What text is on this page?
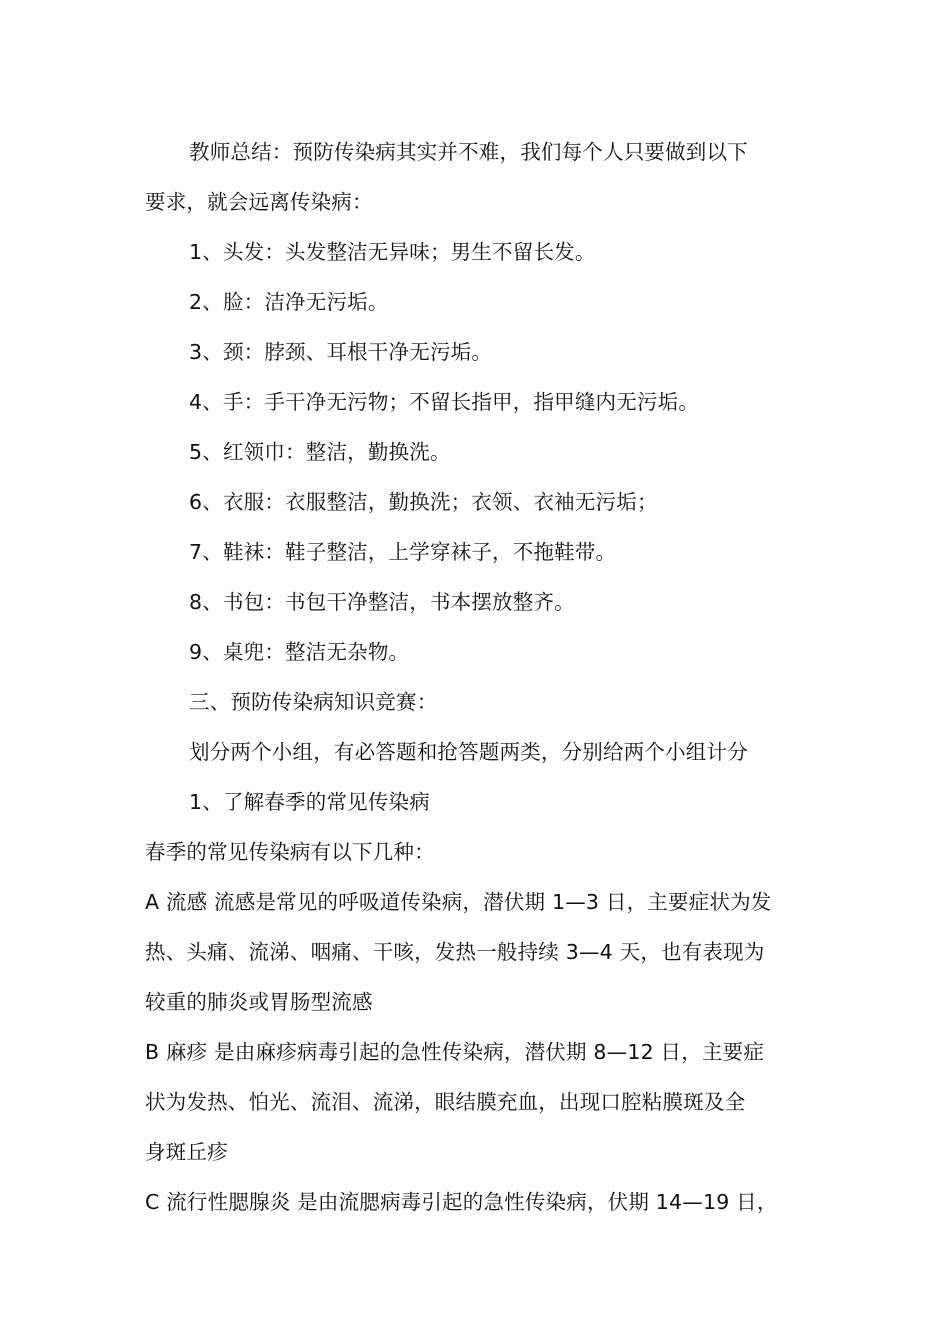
教师总结：预防传染病其实并不难，我们每个人只要做到以下
要求，就会远离传染病：
1、头发：头发整洁无异味；男生不留长发。
2、脸：洁净无污垢。
3、颈：脖颈、耳根干净无污垢。
4、手：手干净无污物；不留长指甲，指甲缝内无污垢。
5、红领巾：整洁，勤换洗。
6、衣服：衣服整洁，勤换洗；衣领、衣袖无污垢；
7、鞋袜：鞋子整洁，上学穿袜子，不拖鞋带。
8、书包：书包干净整洁，书本摆放整齐。
9、桌兜：整洁无杂物。
三、预防传染病知识竞赛：
划分两个小组，有必答题和抢答题两类，分别给两个小组计分
1、了解春季的常见传染病
春季的常见传染病有以下几种：
A 流感 流感是常见的呼吸道传染病，潜伏期 1—3 日，主要症状为发
热、头痛、流涕、咽痛、干咳，发热一般持续 3—4 天，也有表现为
较重的肺炎或胃肠型流感
B 麻疹 是由麻疹病毒引起的急性传染病，潜伏期 8—12 日，主要症
状为发热、怕光、流泪、流涕，眼结膜充血，出现口腔粘膜斑及全
身斑丘疹
C 流行性腮腺炎 是由流腮病毒引起的急性传染病，伏期 14—19 日，
